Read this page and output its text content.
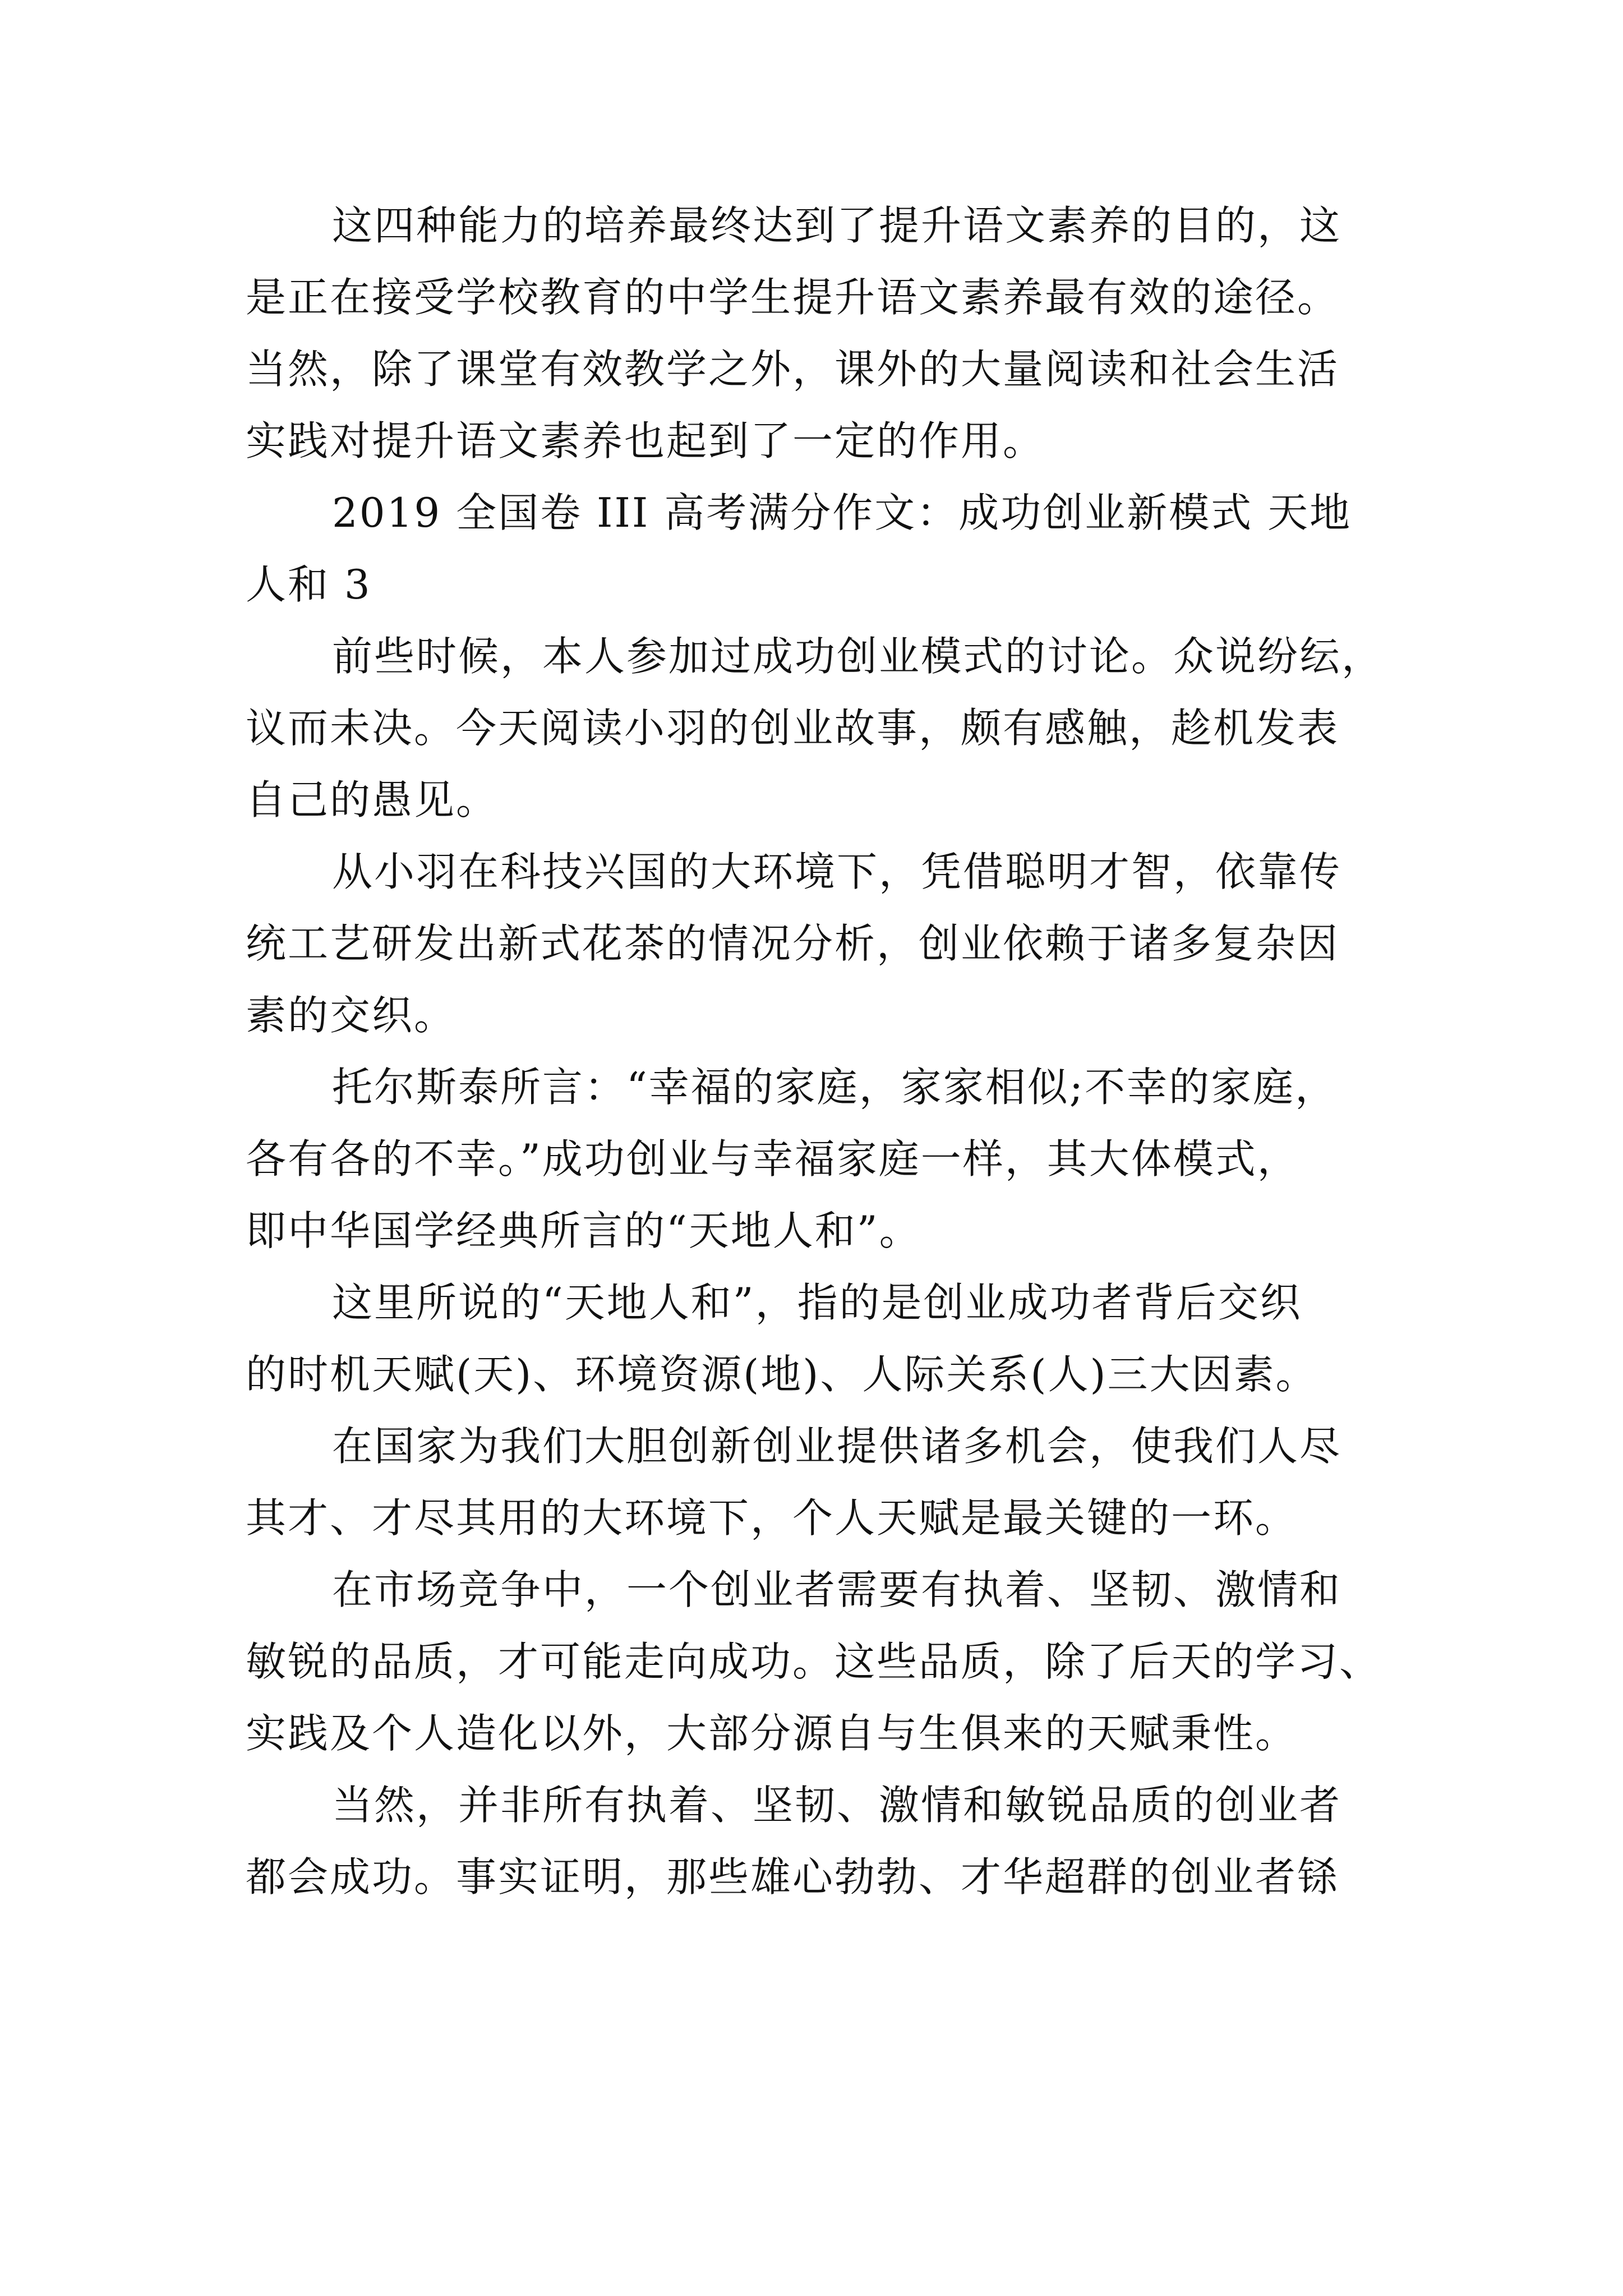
这四种能力的培养最终达到了提升语文素养的目的，这
是正在接受学校教育的中学生提升语文素养最有效的途径。
当然，除了课堂有效教学之外，课外的大量阅读和社会生活
实践对提升语文素养也起到了一定的作用。

2019 全国卷 III 高考满分作文：成功创业新模式 天地
人和 3

前些时候，本人参加过成功创业模式的讨论。众说纷纭，
议而未决。今天阅读小羽的创业故事，颇有感触，趁机发表
自己的愚见。

从小羽在科技兴国的大环境下，凭借聪明才智，依靠传
统工艺研发出新式花茶的情况分析，创业依赖于诸多复杂因
素的交织。

托尔斯泰所言：“幸福的家庭，家家相似;不幸的家庭，
各有各的不幸。”成功创业与幸福家庭一样，其大体模式，
即中华国学经典所言的“天地人和”。

这里所说的“天地人和”，指的是创业成功者背后交织
的时机天赋(天)、环境资源(地)、人际关系(人)三大因素。

在国家为我们大胆创新创业提供诸多机会，使我们人尽
其才、才尽其用的大环境下，个人天赋是最关键的一环。

在市场竞争中，一个创业者需要有执着、坚韧、激情和
敏锐的品质，才可能走向成功。这些品质，除了后天的学习、
实践及个人造化以外，大部分源自与生俱来的天赋秉性。

当然，并非所有执着、坚韧、激情和敏锐品质的创业者
都会成功。事实证明，那些雄心勃勃、才华超群的创业者铩
